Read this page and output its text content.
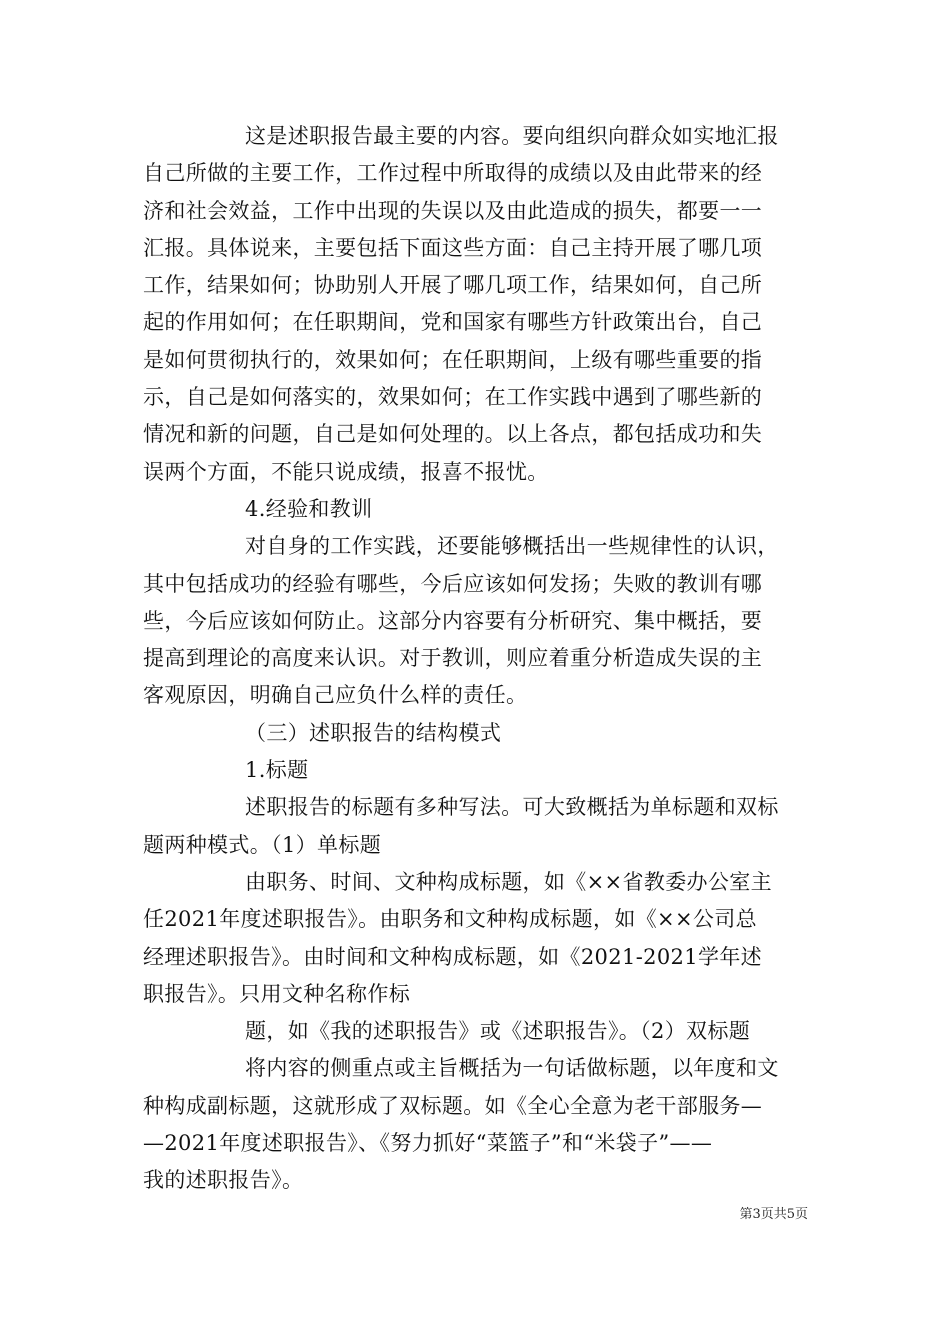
这是述职报告最主要的内容。要向组织向群众如实地汇报
自己所做的主要工作，工作过程中所取得的成绩以及由此带来的经
济和社会效益，工作中出现的失误以及由此造成的损失，都要一一
汇报。具体说来，主要包括下面这些方面：自己主持开展了哪几项
工作，结果如何；协助别人开展了哪几项工作，结果如何，自己所
起的作用如何；在任职期间，党和国家有哪些方针政策出台，自己
是如何贯彻执行的，效果如何；在任职期间，上级有哪些重要的指
示，自己是如何落实的，效果如何；在工作实践中遇到了哪些新的
情况和新的问题，自己是如何处理的。以上各点，都包括成功和失
误两个方面，不能只说成绩，报喜不报忧。
4.经验和教训
对自身的工作实践，还要能够概括出一些规律性的认识，
其中包括成功的经验有哪些，今后应该如何发扬；失败的教训有哪
些，今后应该如何防止。这部分内容要有分析研究、集中概括，要
提高到理论的高度来认识。对于教训，则应着重分析造成失误的主
客观原因，明确自己应负什么样的责任。
（三）述职报告的结构模式
1.标题
述职报告的标题有多种写法。可大致概括为单标题和双标
题两种模式。（1）单标题
由职务、时间、文种构成标题，如《××省教委办公室主
任2021年度述职报告》。由职务和文种构成标题，如《××公司总
经理述职报告》。由时间和文种构成标题，如《2021-2021学年述
职报告》。只用文种名称作标
题，如《我的述职报告》或《述职报告》。（2）双标题
将内容的侧重点或主旨概括为一句话做标题，以年度和文
种构成副标题，这就形成了双标题。如《全心全意为老干部服务—
—2021年度述职报告》、《努力抓好“菜篮子”和“米袋子”——
我的述职报告》。
第3页共5页
